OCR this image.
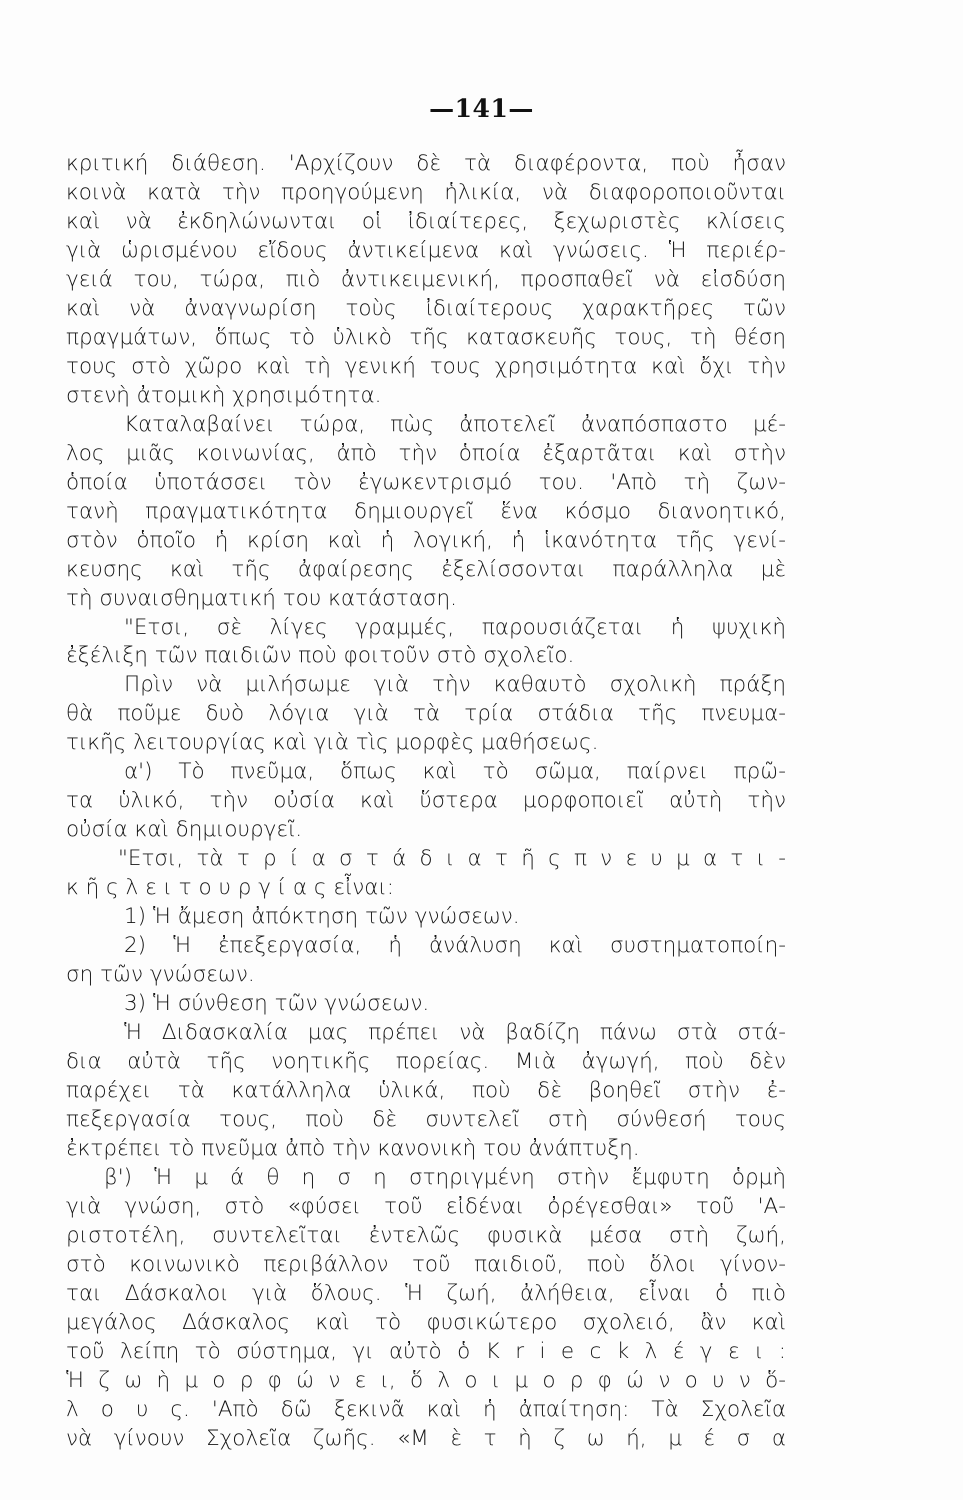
—141—
κριτική διάθεση. 'Αρχίζουν δὲ τὰ διαφέροντα, ποὺ ἦσαν
κοινὰ κατὰ τὴν προηγούμενη ἡλικία, νὰ διαφοροποιοῦνται
καὶ νὰ ἐκδηλώνωνται οἱ ἰδιαίτερες, ξεχωριστὲς κλίσεις
γιὰ ὡρισμένου εἴδους ἀντικείμενα καὶ γνώσεις. Ἡ περιέρ-
γειά του, τώρα, πιὸ ἀντικειμενική, προσπαθεῖ νὰ εἰσδύση
καὶ νὰ ἀναγνωρίση τοὺς ἰδιαίτερους χαρακτῆρες τῶν
πραγμάτων, ὅπως τὸ ὑλικὸ τῆς κατασκευῆς τους, τὴ θέση
τους στὸ χῶρο καὶ τὴ γενική τους χρησιμότητα καὶ ὄχι τὴν
στενὴ ἀτομικὴ χρησιμότητα.
Καταλαβαίνει τώρα, πὼς ἀποτελεῖ ἀναπόσπαστο μέ-
λος μιᾶς κοινωνίας, ἀπὸ τὴν ὁποία ἐξαρτᾶται καὶ στὴν
ὁποία ὑποτάσσει τὸν ἐγωκεντρισμό του. 'Απὸ τὴ ζων-
τανὴ πραγματικότητα δημιουργεῖ ἕνα κόσμο διανοητικό,
στὸν ὁποῖο ἡ κρίση καὶ ἡ λογική, ἡ ἱκανότητα τῆς γενί-
κευσης καὶ τῆς ἀφαίρεσης ἐξελίσσονται παράλληλα μὲ
τὴ συναισθηματική του κατάσταση.
"Ετσι, σὲ λίγες γραμμές, παρουσιάζεται ἡ ψυχικὴ
ἐξέλιξη τῶν παιδιῶν ποὺ φοιτοῦν στὸ σχολεῖο.
Πρὶν νὰ μιλήσωμε γιὰ τὴν καθαυτὸ σχολικὴ πράξη
θὰ ποῦμε δυὸ λόγια γιὰ τὰ τρία στάδια τῆς πνευμα-
τικῆς λειτουργίας καὶ γιὰ τὶς μορφὲς μαθήσεως.
α') Τὸ πνεῦμα, ὅπως καὶ τὸ σῶμα, παίρνει πρῶ-
τα ὑλικό, τὴν οὐσία καὶ ὕστερα μορφοποιεῖ αὐτὴ τὴν
οὐσία καὶ δημιουργεῖ.
"Ετσι, τὰ τ ρ ί α σ τ ά δ ι α τ ῆ ς π ν ε υ μ α τ ι -
κ ῆ ς λ ε ι τ ο υ ρ γ ί α ς εἶναι:
1) Ἡ ἄμεση ἀπόκτηση τῶν γνώσεων.
2) Ἡ ἐπεξεργασία, ἡ ἀνάλυση καὶ συστηματοποίη-
ση τῶν γνώσεων.
3) Ἡ σύνθεση τῶν γνώσεων.
Ἡ Διδασκαλία μας πρέπει νὰ βαδίζη πάνω στὰ στά-
δια αὐτὰ τῆς νοητικῆς πορείας. Μιὰ ἀγωγή, ποὺ δὲν
παρέχει τὰ κατάλληλα ὑλικά, ποὺ δὲ βοηθεῖ στὴν ἐ-
πεξεργασία τους, ποὺ δὲ συντελεῖ στὴ σύνθεσή τους
ἐκτρέπει τὸ πνεῦμα ἀπὸ τὴν κανονικὴ του ἀνάπτυξη.
β') Ἡ μ ά θ η σ η στηριγμένη στὴν ἔμφυτη ὁρμὴ
γιὰ γνώση, στὸ «φύσει τοῦ εἰδέναι ὀρέγεσθαι» τοῦ 'Α-
ριστοτέλη, συντελεῖται ἐντελῶς φυσικὰ μέσα στὴ ζωή,
στὸ κοινωνικὸ περιβάλλον τοῦ παιδιοῦ, ποὺ ὅλοι γίνον-
ται Δάσκαλοι γιὰ ὅλους. Ἡ ζωή, ἀλήθεια, εἶναι ὁ πιὸ
μεγάλος Δάσκαλος καὶ τὸ φυσικώτερο σχολειό, ἂν καὶ
τοῦ λείπη τὸ σύστημα, γι αὐτὸ ὁ K r i e c k λ έ γ ε ι :
Ἡ ζ ω ὴ μ ο ρ φ ώ ν ε ι, ὅ λ ο ι μ ο ρ φ ώ ν ο υ ν ὅ-
λ ο υ ς. 'Απὸ δῶ ξεκινᾶ καὶ ἡ ἀπαίτηση: Τὰ Σχολεῖα
νὰ γίνουν Σχολεῖα ζωῆς. «Μ ὲ τ ὴ ζ ω ή, μ έ σ α
